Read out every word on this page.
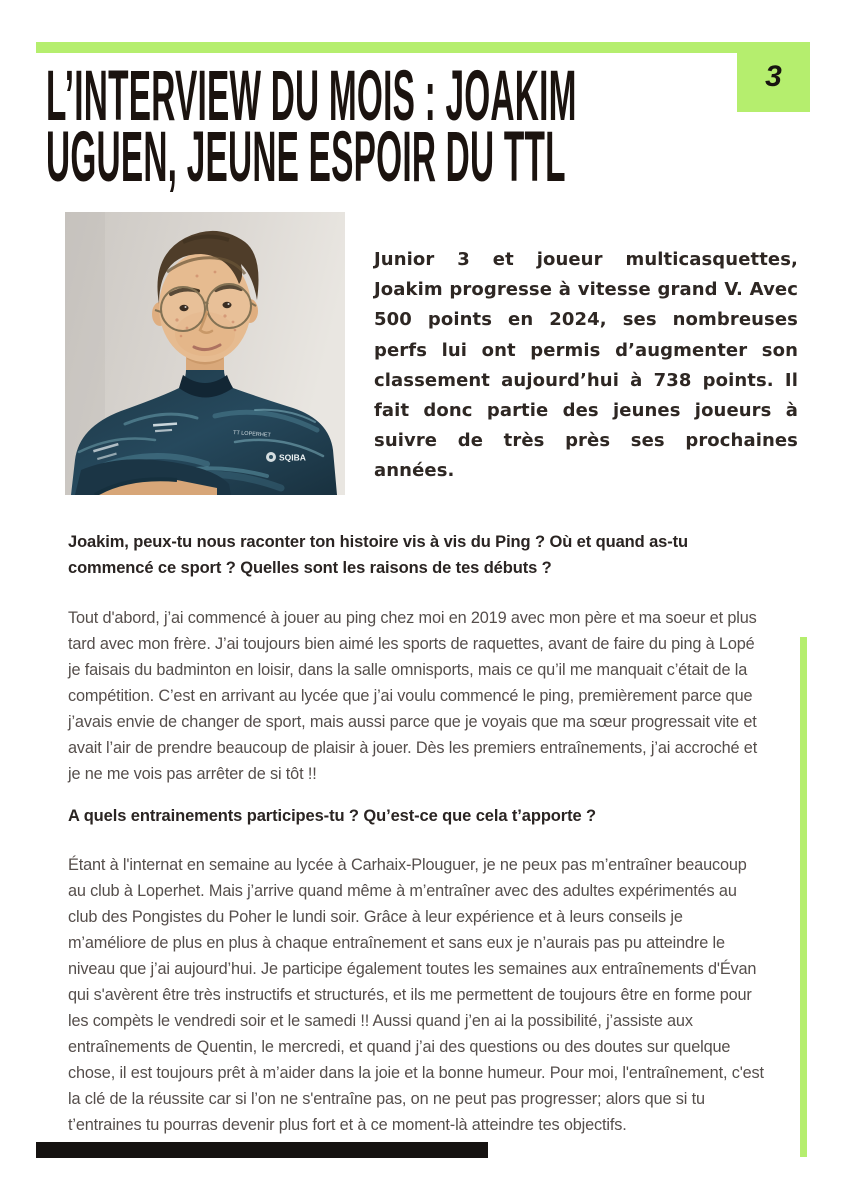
3
L’INTERVIEW DU MOIS : JOAKIM
UGUEN, JEUNE ESPOIR DU TTL
TT LOPERHET
SQIBA

Junior 3 et joueur multicasquettes, Joakim progresse à vitesse grand V. Avec 500 points en 2024, ses nombreuses perfs lui ont permis d’augmenter son classement aujourd’hui à 738 points. Il fait donc partie des jeunes joueurs à suivre de très près ses prochaines années.

Joakim, peux-tu nous raconter ton histoire vis à vis du Ping ? Où et quand as-tu commencé ce sport ? Quelles sont les raisons de tes débuts ?

Tout d'abord, j’ai commencé à jouer au ping chez moi en 2019 avec mon père et ma soeur et plus tard avec mon frère. J’ai toujours bien aimé les sports de raquettes, avant de faire du ping à Lopé je faisais du badminton en loisir, dans la salle omnisports, mais ce qu’il me manquait c’était de la compétition. C’est en arrivant au lycée que j’ai voulu commencé le ping, premièrement parce que j’avais envie de changer de sport, mais aussi parce que je voyais que ma sœur progressait vite et avait l’air de prendre beaucoup de plaisir à jouer. Dès les premiers entraînements, j’ai accroché et je ne me vois pas arrêter de si tôt !!

A quels entrainements participes-tu ? Qu’est-ce que cela t’apporte ?

Étant à l'internat en semaine au lycée à Carhaix-Plouguer, je ne peux pas m’entraîner beaucoup au club à Loperhet. Mais j’arrive quand même à m’entraîner avec des adultes expérimentés au club des Pongistes du Poher le lundi soir. Grâce à leur expérience et à leurs conseils je m’améliore de plus en plus à chaque entraînement et sans eux je n’aurais pas pu atteindre le niveau que j’ai aujourd’hui. Je participe également toutes les semaines aux entraînements d'Évan qui s'avèrent être très instructifs et structurés, et ils me permettent de toujours être en forme pour les compèts le vendredi soir et le samedi !! Aussi quand j’en ai la possibilité, j’assiste aux entraînements de Quentin, le mercredi, et quand j’ai des questions ou des doutes sur quelque chose, il est toujours prêt à m’aider dans la joie et la bonne humeur. Pour moi, l'entraînement, c'est la clé de la réussite car si l’on ne s'entraîne pas, on ne peut pas progresser; alors que si tu t’entraines tu pourras devenir plus fort et à ce moment-là atteindre tes objectifs.
